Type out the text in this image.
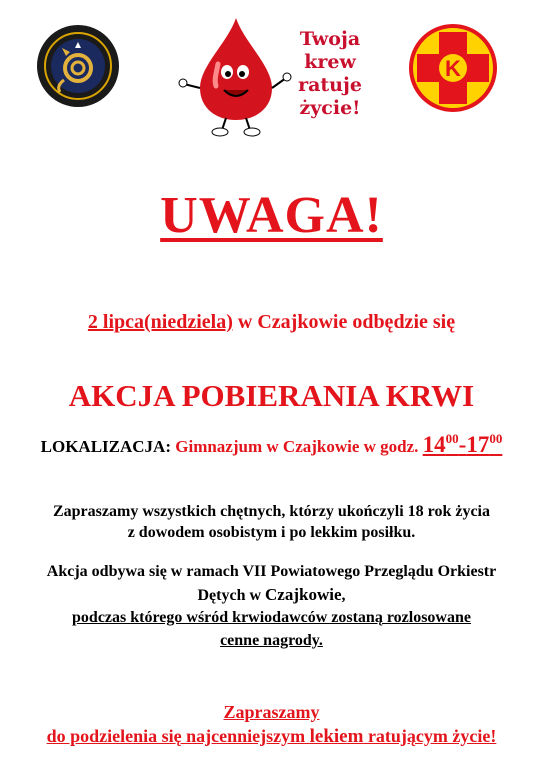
Twoja
krew
ratuje
życie!
K
UWAGA!
2 lipca(niedziela) w Czajkowie odbędzie się
AKCJA POBIERANIA KRWI
LOKALIZACJA: Gimnazjum w Czajkowie w godz. $14^{00}-17^{00}$
Zapraszamy wszystkich chętnych, którzy ukończyli 18 rok życia
z dowodem osobistym i po lekkim posiłku.
Akcja odbywa się w ramach VII Powiatowego Przeglądu Orkiestr
Dętych w Czajkowie,
podczas którego wśród krwiodawców zostaną rozlosowane
cenne nagrody.
Zapraszamy
do podzielenia się najcenniejszym lekiem ratującym życie!
